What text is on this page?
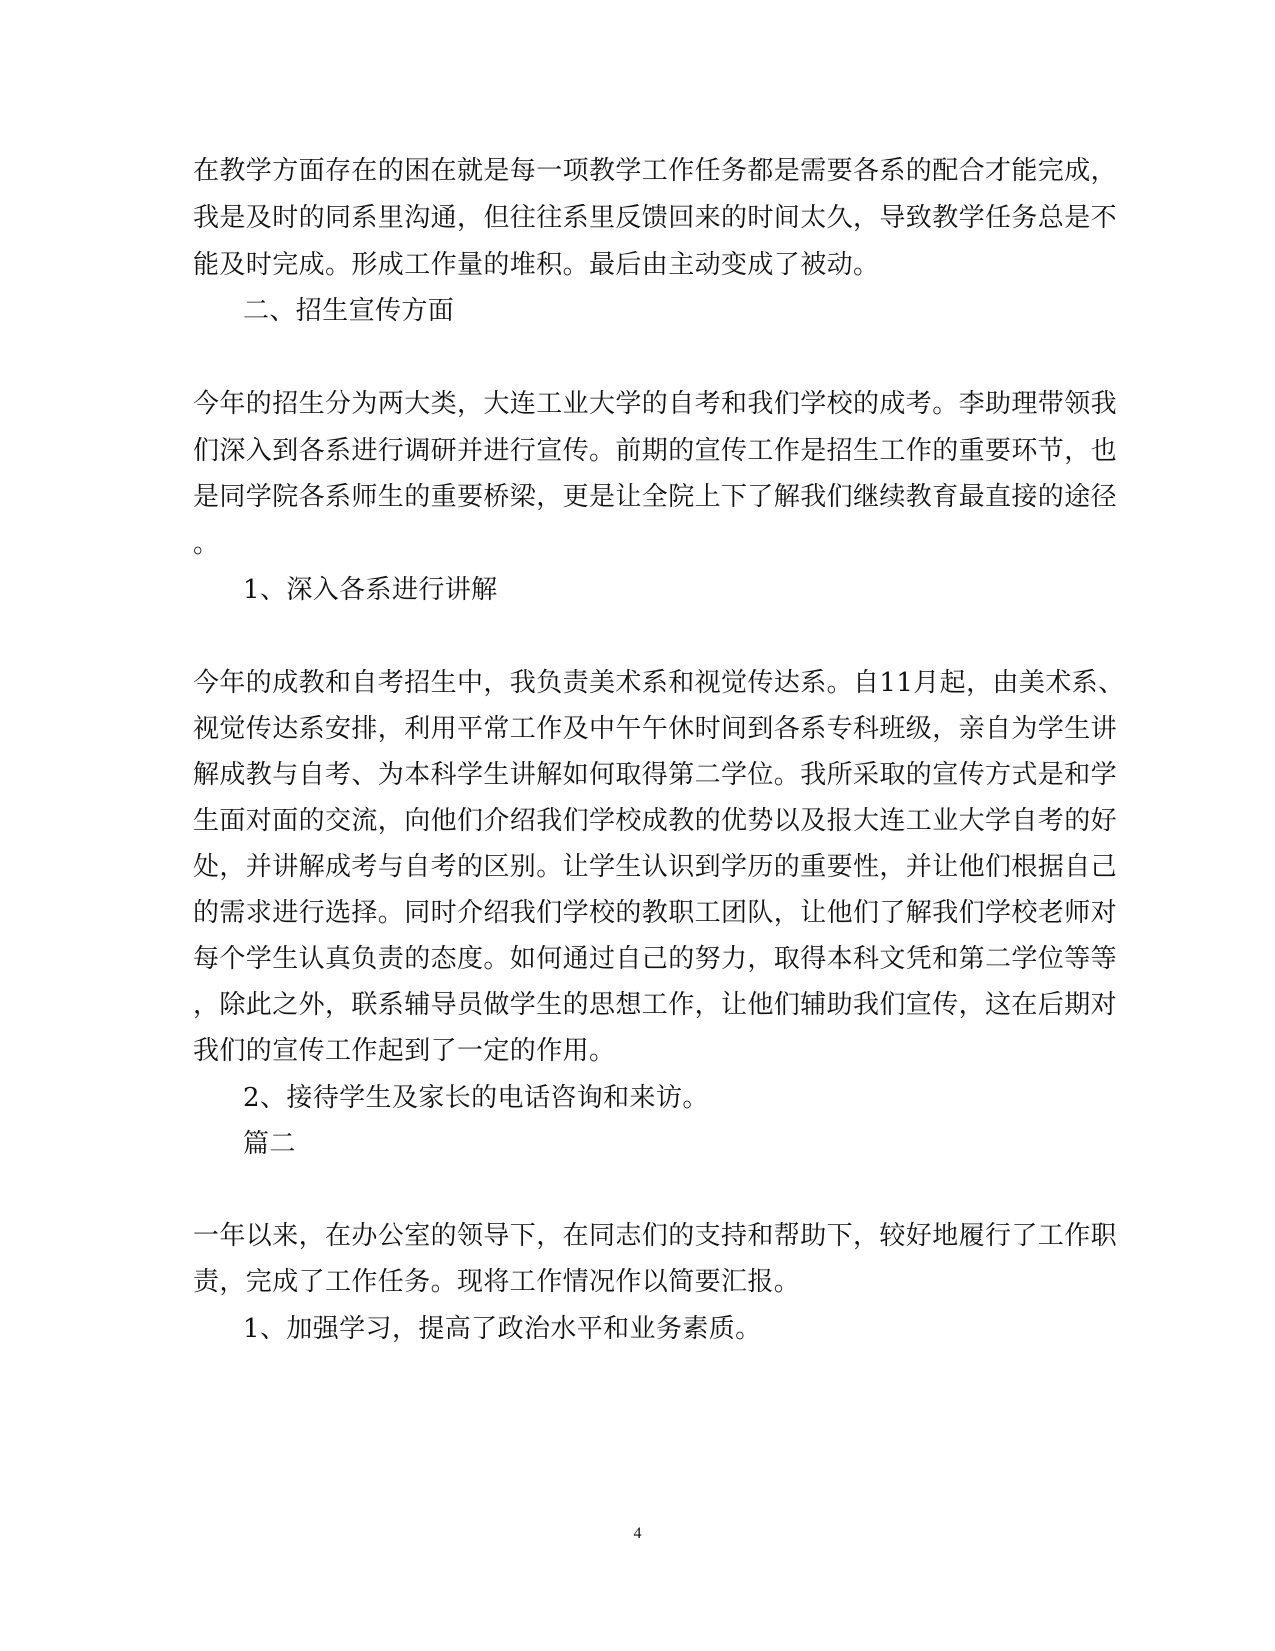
在教学方面存在的困在就是每一项教学工作任务都是需要各系的配合才能完成，
我是及时的同系里沟通，但往往系里反馈回来的时间太久，导致教学任务总是不
能及时完成。形成工作量的堆积。最后由主动变成了被动。
二、招生宣传方面
今年的招生分为两大类，大连工业大学的自考和我们学校的成考。李助理带领我
们深入到各系进行调研并进行宣传。前期的宣传工作是招生工作的重要环节，也
是同学院各系师生的重要桥梁，更是让全院上下了解我们继续教育最直接的途径
。
1、深入各系进行讲解
今年的成教和自考招生中，我负责美术系和视觉传达系。自11月起，由美术系、
视觉传达系安排，利用平常工作及中午午休时间到各系专科班级，亲自为学生讲
解成教与自考、为本科学生讲解如何取得第二学位。我所采取的宣传方式是和学
生面对面的交流，向他们介绍我们学校成教的优势以及报大连工业大学自考的好
处，并讲解成考与自考的区别。让学生认识到学历的重要性，并让他们根据自己
的需求进行选择。同时介绍我们学校的教职工团队，让他们了解我们学校老师对
每个学生认真负责的态度。如何通过自己的努力，取得本科文凭和第二学位等等
，除此之外，联系辅导员做学生的思想工作，让他们辅助我们宣传，这在后期对
我们的宣传工作起到了一定的作用。
2、接待学生及家长的电话咨询和来访。
篇二
一年以来，在办公室的领导下，在同志们的支持和帮助下，较好地履行了工作职
责，完成了工作任务。现将工作情况作以简要汇报。
1、加强学习，提高了政治水平和业务素质。
4
